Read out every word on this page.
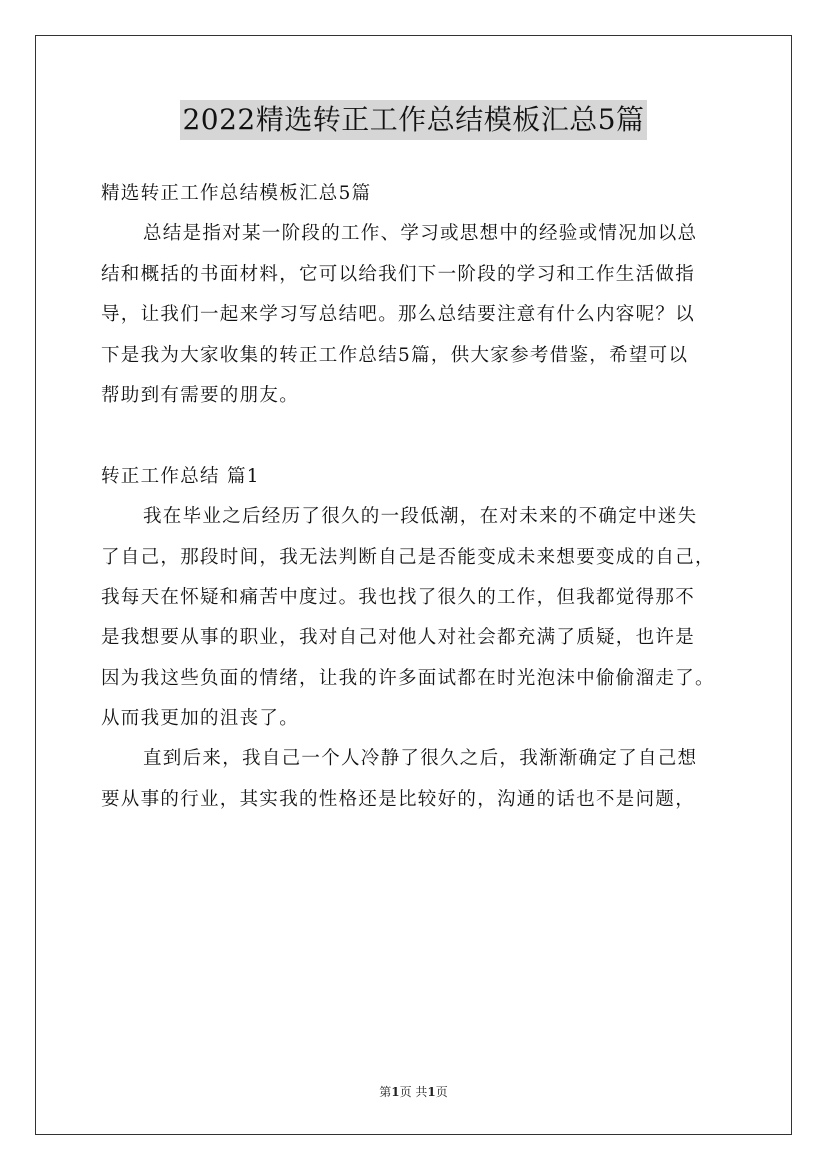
2022精选转正工作总结模板汇总5篇
精选转正工作总结模板汇总5篇
总结是指对某一阶段的工作、学习或思想中的经验或情况加以总
结和概括的书面材料，它可以给我们下一阶段的学习和工作生活做指
导，让我们一起来学习写总结吧。那么总结要注意有什么内容呢？以
下是我为大家收集的转正工作总结5篇，供大家参考借鉴，希望可以
帮助到有需要的朋友。
转正工作总结 篇1
我在毕业之后经历了很久的一段低潮，在对未来的不确定中迷失
了自己，那段时间，我无法判断自己是否能变成未来想要变成的自己，
我每天在怀疑和痛苦中度过。我也找了很久的工作，但我都觉得那不
是我想要从事的职业，我对自己对他人对社会都充满了质疑，也许是
因为我这些负面的情绪，让我的许多面试都在时光泡沫中偷偷溜走了。
从而我更加的沮丧了。
直到后来，我自己一个人冷静了很久之后，我渐渐确定了自己想
要从事的行业，其实我的性格还是比较好的，沟通的话也不是问题，
第1页 共1页
